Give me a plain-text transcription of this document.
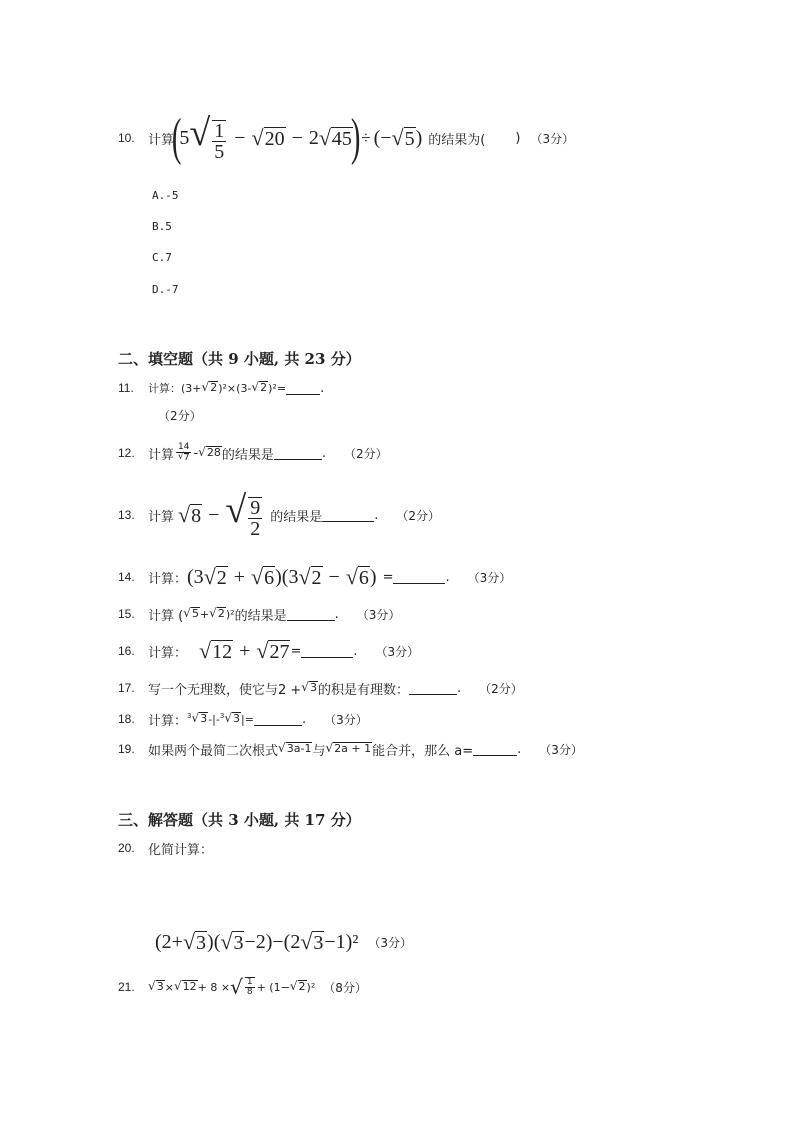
10.	计算
(
5 √ $\frac{1}{5}$ − √ 20 − 2 √ 45
) ÷ (− √ 5 ) 的结果为( ) （3分）
A.-5
B.5
C.7
D.-7
二、填空题（共 9 小题, 共 23 分）
11.	计算：(3+ √ 2 )²×(3- √ 2 )²=	.
（2分）
12.	计算 $\frac{14}{√ 7}$ - √ 28 的结果是	. （2分）
13.	计算 √ 8 − √ $\frac{9}{2}$ 的结果是	. （2分）
14.	计算： (3 √ 2 + √ 6 )(3 √ 2 − √ 6 ) =	. （3分）
15.	计算 ( √ 5 + √ 2 )² 的结果是	. （3分）
16.	计算： √ 12 + √ 27 =	. （3分）
17.	写一个无理数，使它与2 + √ 3 的积是有理数：	. （2分）
18.	计算： 3 √ 3 -|- 3 √ 3 |=	. （3分）
19.	如果两个最简二次根式 √ 3a-1 与 √ 2a + 1 能合并，那么 a=	. （3分）
三、解答题（共 3 小题, 共 17 分）
20.	化简计算：
(2+ √ 3 )( √ 3 −2)−(2 √ 3 −1)² （3分）
21.	√ 3 × √ 12 + 8 × √ $\frac{1}{8} + (1-$ √ 2 )² （8分）
